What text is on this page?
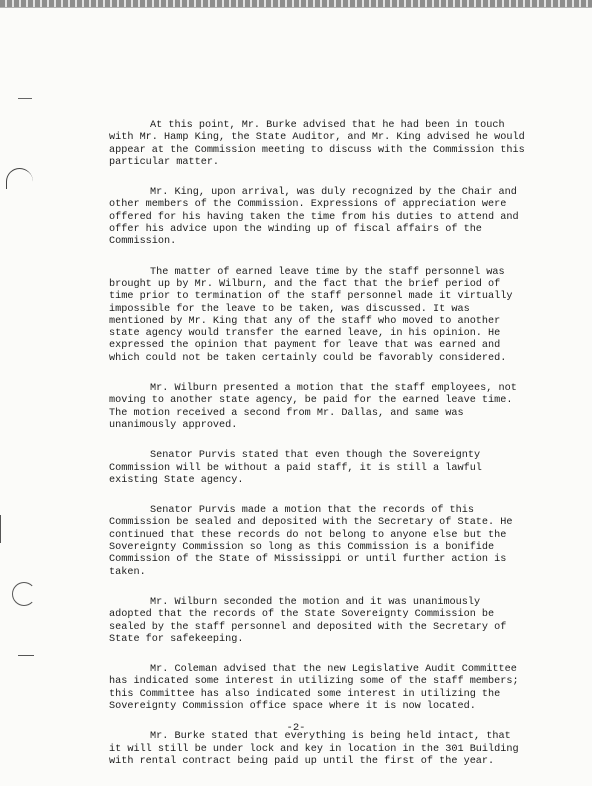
At this point, Mr. Burke advised that he had been in touch with Mr. Hamp King, the State Auditor, and Mr. King advised he would appear at the Commission meeting to discuss with the Commission this particular matter.

Mr. King, upon arrival, was duly recognized by the Chair and other members of the Commission. Expressions of appreciation were offered for his having taken the time from his duties to attend and offer his advice upon the winding up of fiscal affairs of the Commission.

The matter of earned leave time by the staff personnel was brought up by Mr. Wilburn, and the fact that the brief period of time prior to termination of the staff personnel made it virtually impossible for the leave to be taken, was discussed. It was mentioned by Mr. King that any of the staff who moved to another state agency would transfer the earned leave, in his opinion. He expressed the opinion that payment for leave that was earned and which could not be taken certainly could be favorably considered.

Mr. Wilburn presented a motion that the staff employees, not moving to another state agency, be paid for the earned leave time. The motion received a second from Mr. Dallas, and same was unanimously approved.

Senator Purvis stated that even though the Sovereignty Commission will be without a paid staff, it is still a lawful existing State agency.

Senator Purvis made a motion that the records of this Commission be sealed and deposited with the Secretary of State. He continued that these records do not belong to anyone else but the Sovereignty Commission so long as this Commission is a bonifide Commission of the State of Mississippi or until further action is taken.

Mr. Wilburn seconded the motion and it was unanimously adopted that the records of the State Sovereignty Commission be sealed by the staff personnel and deposited with the Secretary of State for safekeeping.

Mr. Coleman advised that the new Legislative Audit Committee has indicated some interest in utilizing some of the staff members; this Committee has also indicated some interest in utilizing the Sovereignty Commission office space where it is now located.

Mr. Burke stated that everything is being held intact, that it will still be under lock and key in location in the 301 Building with rental contract being paid up until the first of the year.

-2-
